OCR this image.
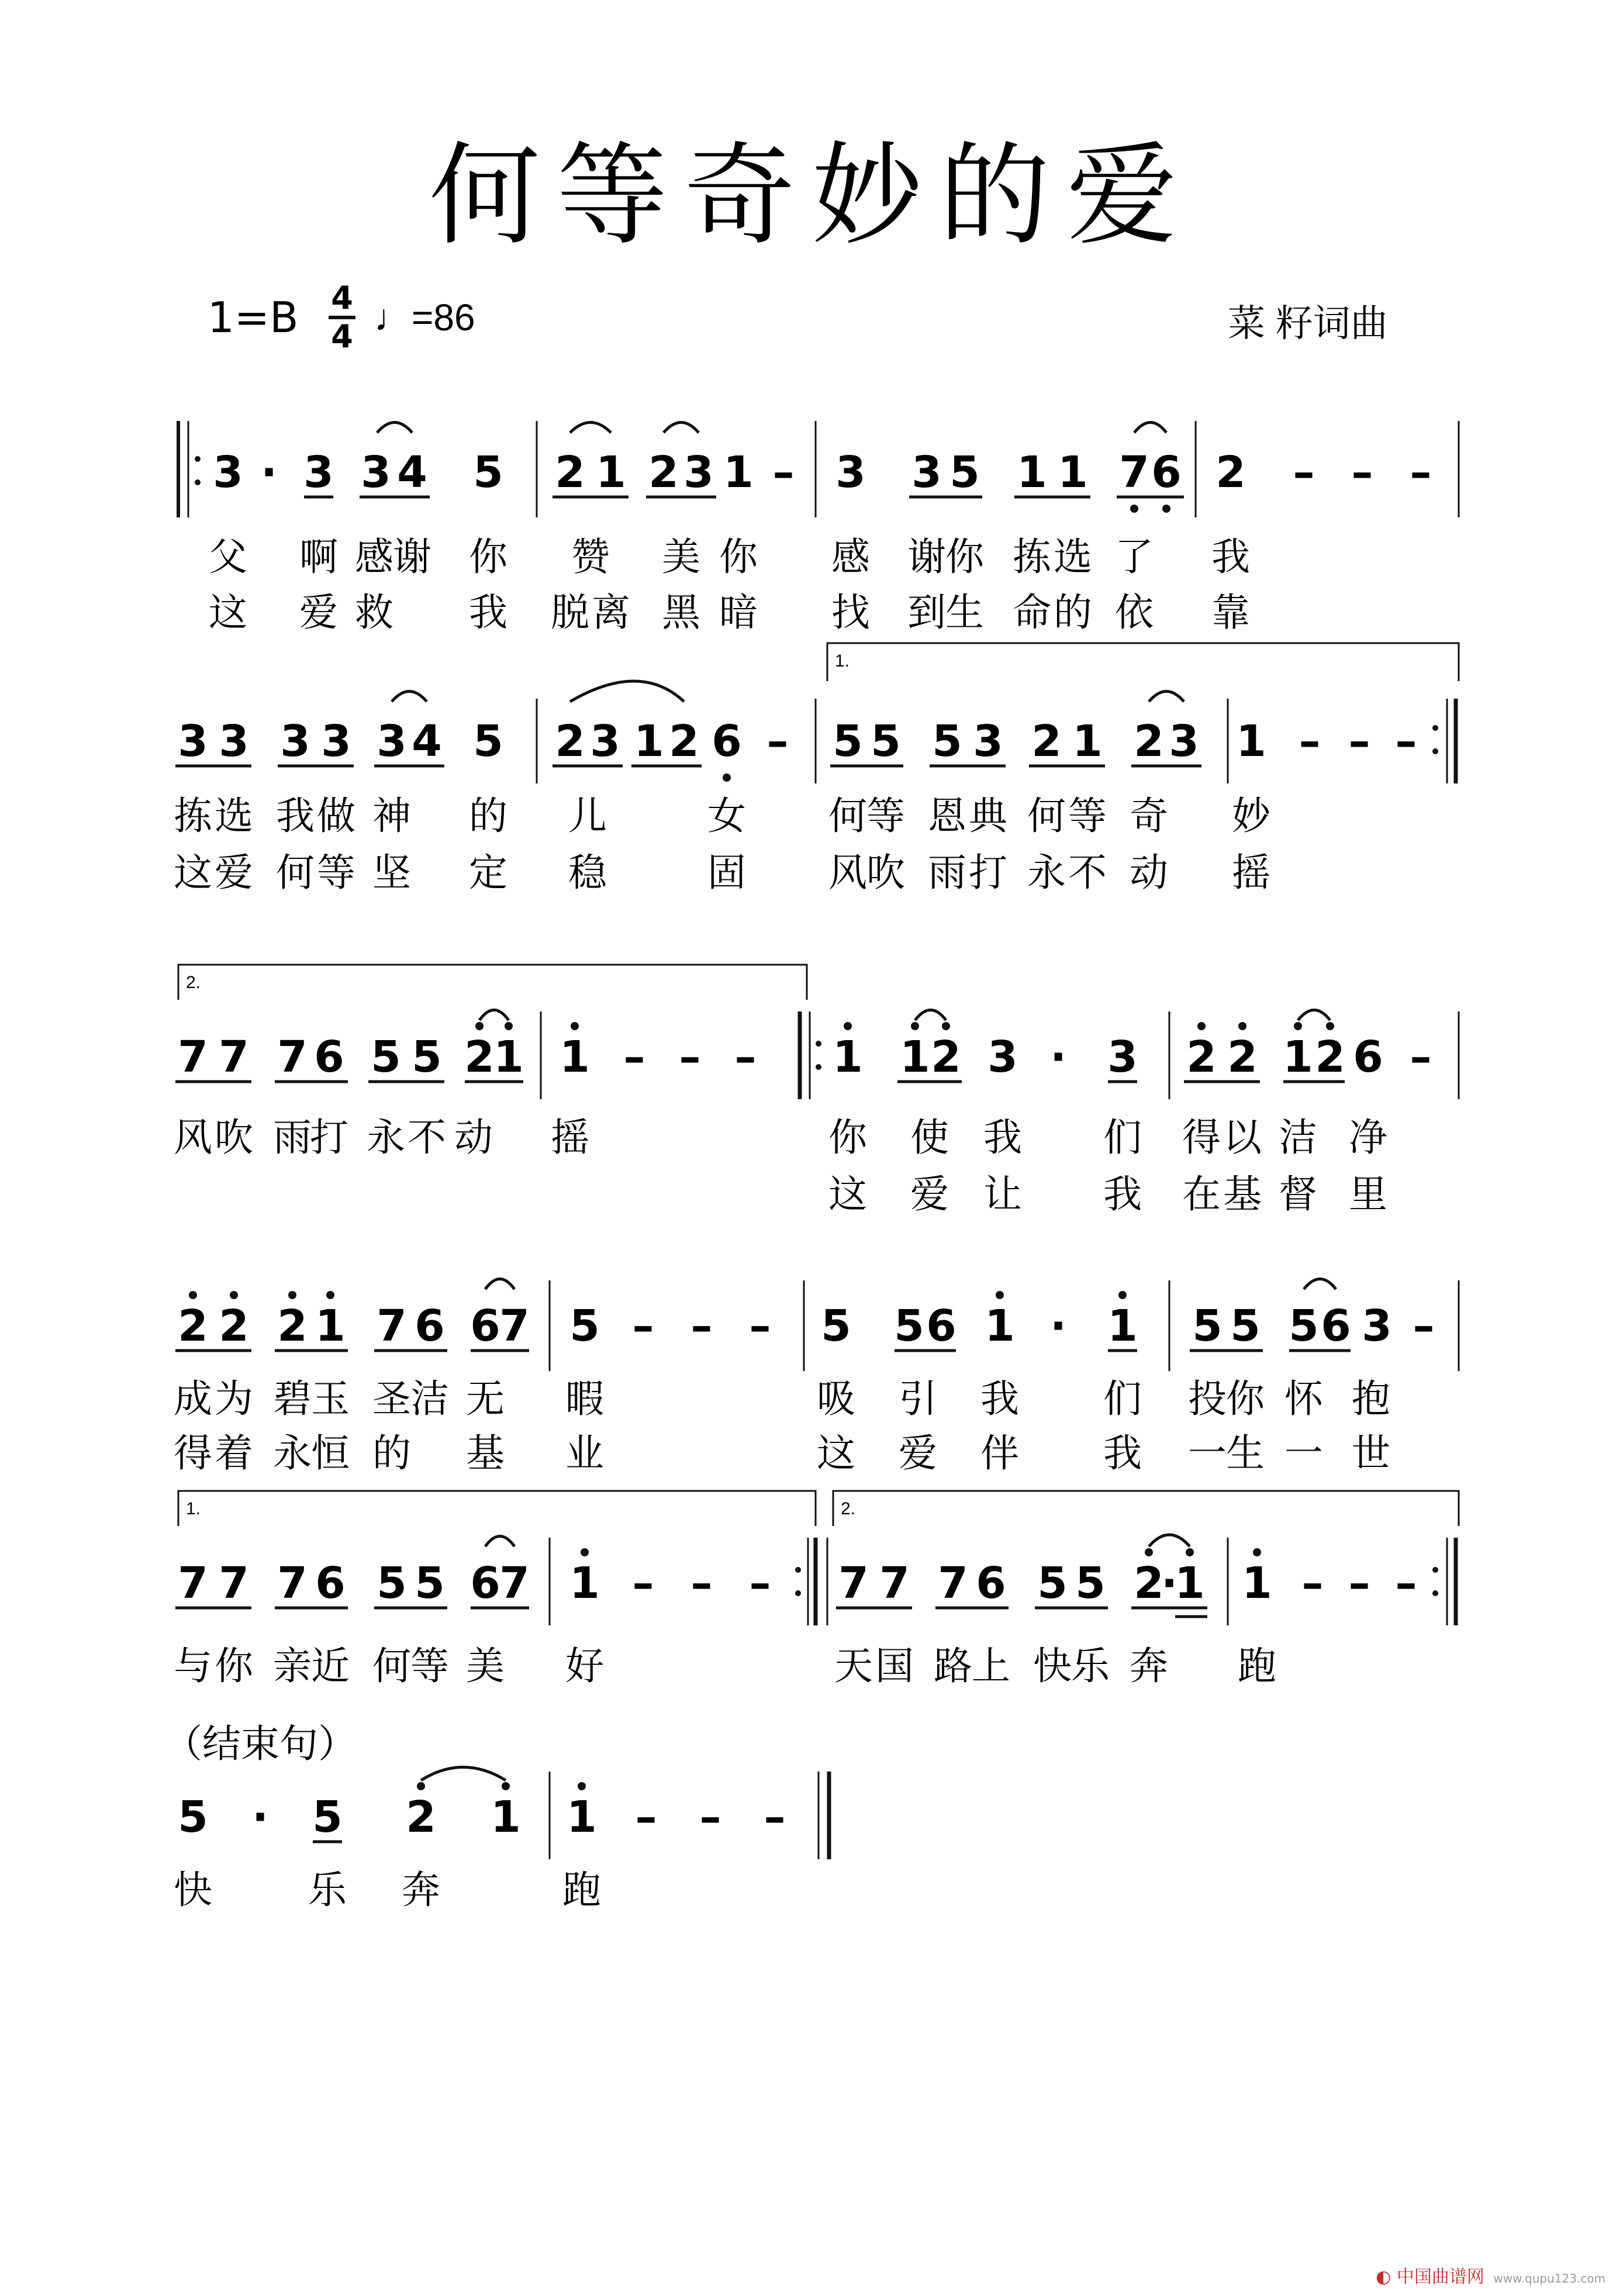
何等奇妙的爱
1=B 4
4 ♩=86	菜 籽词曲
3 · 3 3 4 5 2 1 2 3 1 – 3 3 5 1 1 7 6 2 – – –
父 啊 感 谢 你 赞 美 你 感 谢 你 拣 选 了 我
这 爱 救 我 脱 离 黑 暗 找 到 生 命 的 依 靠
1.
3 3 3 3 3 4 5 2 3 1 2 6 – 5 5 5 3 2 1 2 3 1 – – –
拣 选 我 做 神 的 儿	女 何 等 恩 典 何 等 奇 妙
这 爱 何 等 坚 定 稳	固 风 吹 雨 打 永 不 动 摇
2.
7 7 7 6 5 5 2
1 1 – – – 1 1 2 3 · 3 2 2 1 2 6 –
风 吹 雨
打 永 不 动 摇	你 使 我 们 得 以 洁 净
这 爱 让 我 在 基 督 里
2 2 2 1 7 6 6
7 5 – – – 5 5 6 1 · 1 5 5 5 6 3 –
成 为 碧 玉 圣 洁 无 暇	吸 引 我 们 投 你 怀 抱
得 着 永 恒 的 基 业	这 爱 伴 我 一 生 一 世
1.	2.
7 7 7 6 5 5 6
7 1 – – – 7 7 7 6 5 5 2
·
1 1 – – –
与 你 亲 近 何 等 美 好	天 国 路 上 快 乐 奔 跑
（结束句）
5 · 5 2 1 1 – – –
快 乐 奔	跑
◐ 中国曲谱网 www.qupu123.com
